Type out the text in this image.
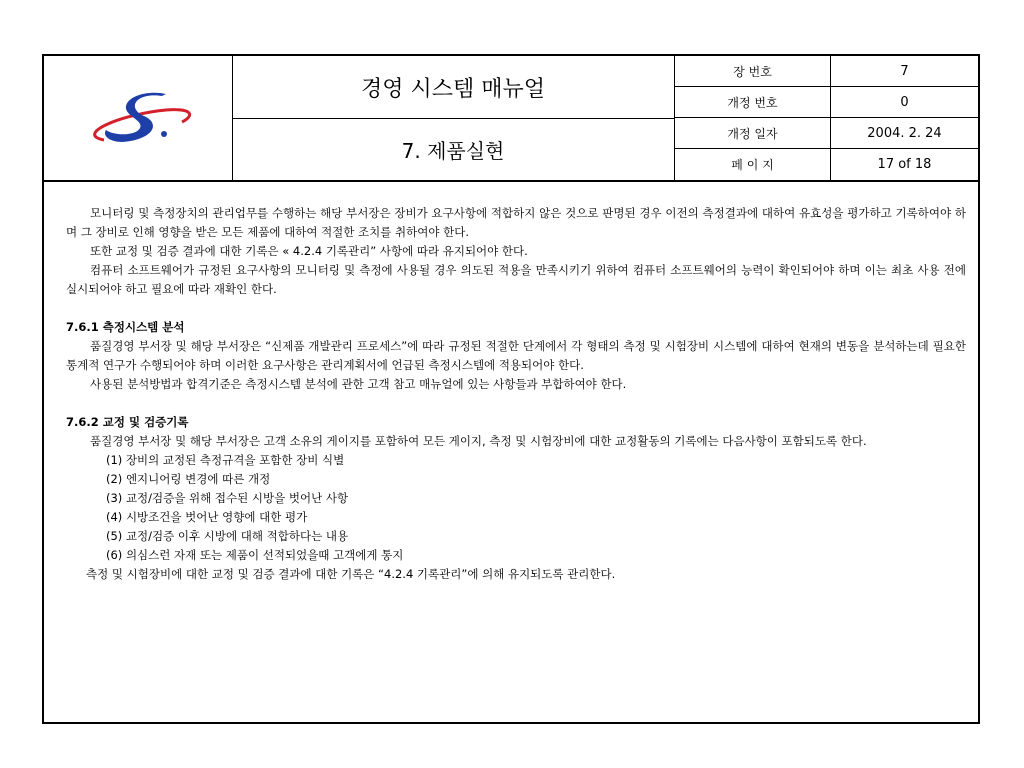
경영 시스템 매뉴얼
7. 제품실현
장 번호	7
개정 번호	0
개정 일자	2004. 2. 24
페 이 지	17 of 18

모니터링 및 측정장치의 관리업무를 수행하는 해당 부서장은 장비가 요구사항에 적합하지 않은 것으로 판명된 경우 이전의 측정결과에 대하여 유효성을 평가하고 기록하여야 하며 그 장비로 인해 영향을 받은 모든 제품에 대하여 적절한 조치를 취하여야 한다.

또한 교정 및 검증 결과에 대한 기록은 « 4.2.4 기록관리” 사항에 따라 유지되어야 한다.

컴퓨터 소프트웨어가 규정된 요구사항의 모니터링 및 측정에 사용될 경우 의도된 적용을 만족시키기 위하여 컴퓨터 소프트웨어의 능력이 확인되어야 하며 이는 최초 사용 전에 실시되어야 하고 필요에 따라 재확인 한다.

7.6.1 측정시스템 분석

품질경영 부서장 및 해당 부서장은 “신제품 개발관리 프로세스”에 따라 규정된 적절한 단계에서 각 형태의 측정 및 시험장비 시스템에 대하여 현재의 변동을 분석하는데 필요한 통계적 연구가 수행되어야 하며 이러한 요구사항은 관리계획서에 언급된 측정시스템에 적용되어야 한다.

사용된 분석방법과 합격기준은 측정시스템 분석에 관한 고객 참고 매뉴얼에 있는 사항들과 부합하여야 한다.

7.6.2 교정 및 검증기록

품질경영 부서장 및 해당 부서장은 고객 소유의 게이지를 포함하여 모든 게이지, 측정 및 시험장비에 대한 교정활동의 기록에는 다음사항이 포함되도록 한다.

(1) 장비의 교정된 측정규격을 포함한 장비 식별

(2) 엔지니어링 변경에 따른 개정

(3) 교정/검증을 위해 접수된 시방을 벗어난 사항

(4) 시방조건을 벗어난 영향에 대한 평가

(5) 교정/검증 이후 시방에 대해 적합하다는 내용

(6) 의심스런 자재 또는 제품이 선적되었을때 고객에게 통지

측정 및 시험장비에 대한 교정 및 검증 결과에 대한 기록은 “4.2.4 기록관리”에 의해 유지되도록 관리한다.
